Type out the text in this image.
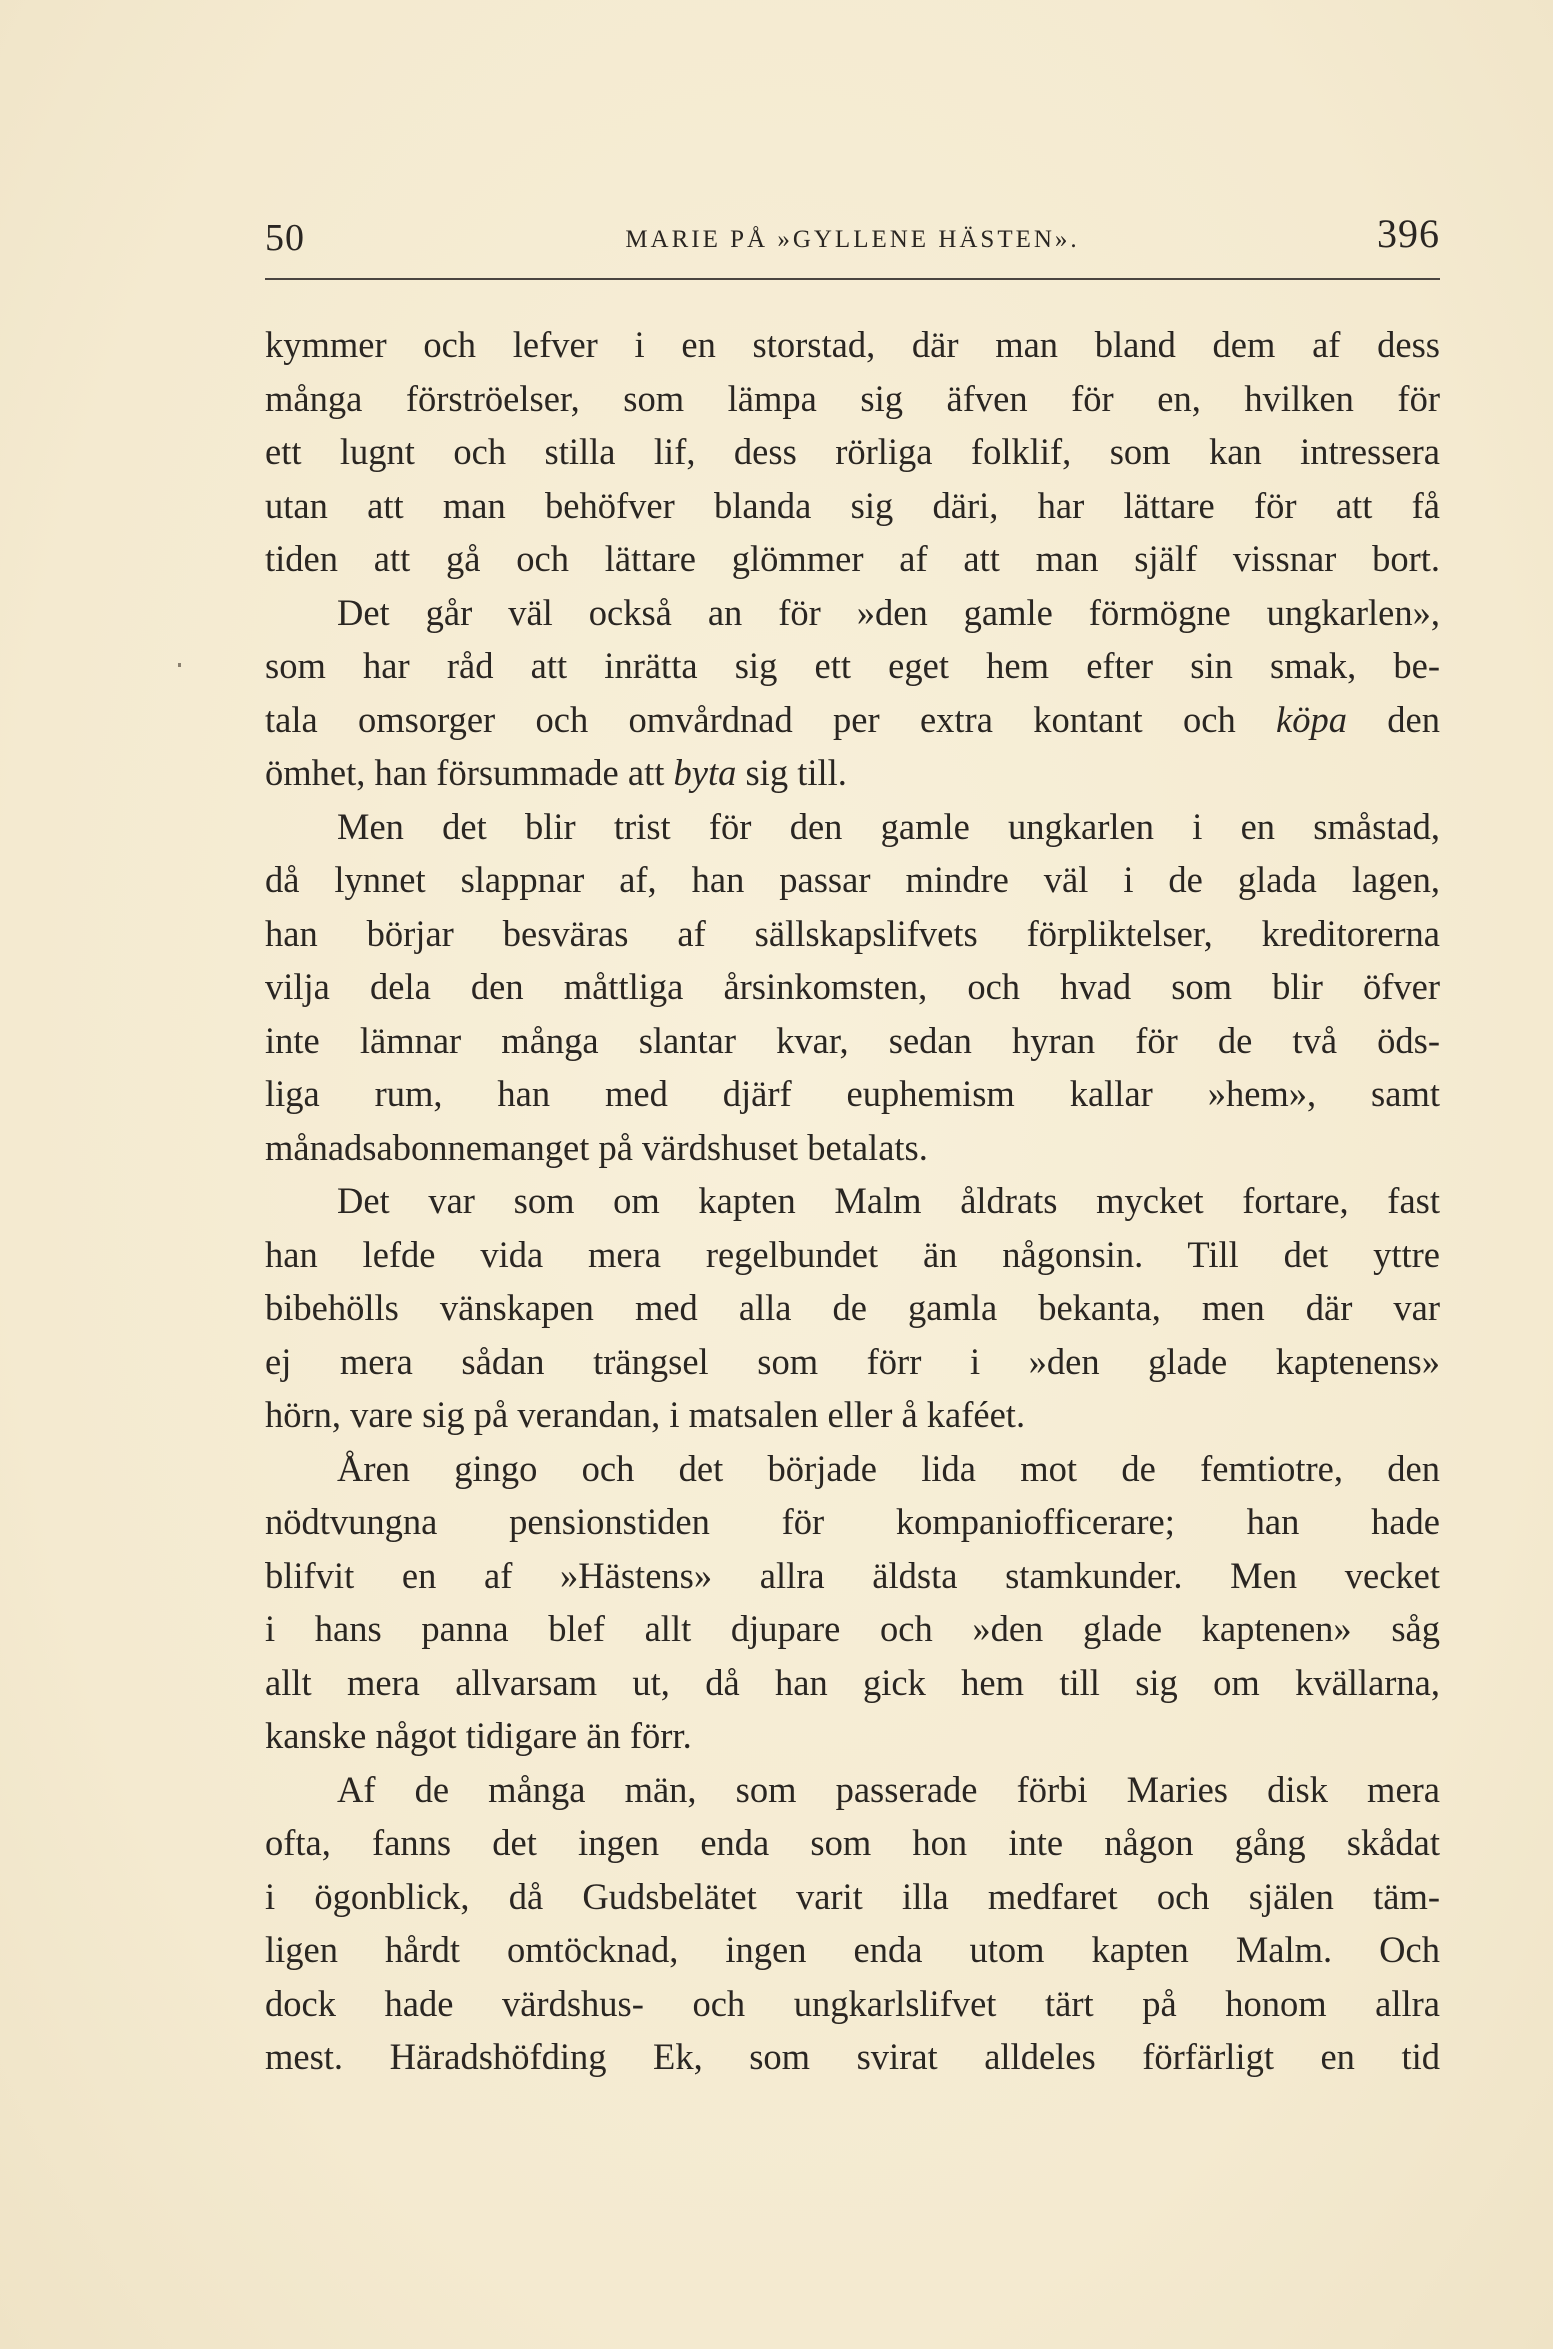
50	MARIE PÅ »GYLLENE HÄSTEN».	396
kymmer och lefver i en storstad, där man bland dem af dess
många förströelser, som lämpa sig äfven för en, hvilken för
ett lugnt och stilla lif, dess rörliga folklif, som kan intressera
utan att man behöfver blanda sig däri, har lättare för att få
tiden att gå och lättare glömmer af att man själf vissnar bort.
Det går väl också an för »den gamle förmögne ungkarlen»,
som har råd att inrätta sig ett eget hem efter sin smak, be-
tala omsorger och omvårdnad per extra kontant och köpa den
ömhet, han försummade att byta sig till.
Men det blir trist för den gamle ungkarlen i en småstad,
då lynnet slappnar af, han passar mindre väl i de glada lagen,
han börjar besväras af sällskapslifvets förpliktelser, kreditorerna
vilja dela den måttliga årsinkomsten, och hvad som blir öfver
inte lämnar många slantar kvar, sedan hyran för de två öds-
liga rum, han med djärf euphemism kallar »hem», samt
månadsabonnemanget på värdshuset betalats.
Det var som om kapten Malm åldrats mycket fortare, fast
han lefde vida mera regelbundet än någonsin. Till det yttre
bibehölls vänskapen med alla de gamla bekanta, men där var
ej mera sådan trängsel som förr i »den glade kaptenens»
hörn, vare sig på verandan, i matsalen eller å kaféet.
Åren gingo och det började lida mot de femtiotre, den
nödtvungna pensionstiden för kompaniofficerare; han hade
blifvit en af »Hästens» allra äldsta stamkunder. Men vecket
i hans panna blef allt djupare och »den glade kaptenen» såg
allt mera allvarsam ut, då han gick hem till sig om kvällarna,
kanske något tidigare än förr.
Af de många män, som passerade förbi Maries disk mera
ofta, fanns det ingen enda som hon inte någon gång skådat
i ögonblick, då Gudsbelätet varit illa medfaret och själen täm-
ligen hårdt omtöcknad, ingen enda utom kapten Malm. Och
dock hade värdshus- och ungkarlslifvet tärt på honom allra
mest. Häradshöfding Ek, som svirat alldeles förfärligt en tid
